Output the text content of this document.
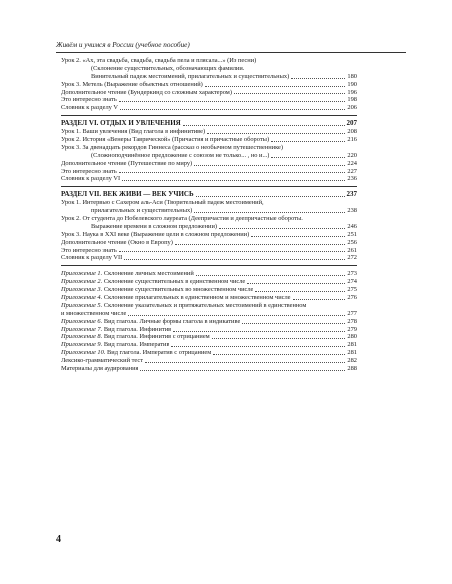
Живём и учимся в России (учебное пособие)
Урок 2. «Ах, эта свадьба, свадьба, свадьба пела и плясала...» (Из песни)
(Склонение существительных, обозначающих фамилии.
Винительный падеж местоимений, прилагательных и существительных)	180
Урок 3. Метель (Выражение объектных отношений)	190
Дополнительное чтение (Бундеркинд со сложным характером)	196
Это интересно знать	198
Словник к разделу V	206
РАЗДЕЛ VI. ОТДЫХ И УВЛЕЧЕНИЯ	207
Урок 1. Ваши увлечения (Вид глагола в инфинитиве)	208
Урок 2. История «Венеры Таврической» (Причастия и причастные обороты)	216
Урок 3. За двенадцать рекордов Гиннеса (рассказ о необычном путешественнике)
(Сложноподчинённое предложение с союзом не только... , но и...)	220
Дополнительное чтение (Путешествие по миру)	224
Это интересно знать	227
Словник к разделу VI	236
РАЗДЕЛ VII. ВЕК ЖИВИ — ВЕК УЧИСЬ	237
Урок 1. Интервью с Сахером аль-Аси (Творительный падеж местоимений,
прилагательных и существительных)	238
Урок 2. От студента до Нобелевского лауреата (Деепричастия и деепричастные обороты.
Выражение времени в сложном предложении)	246
Урок 3. Наука в XXI веке (Выражение цели в сложном предложении)	251
Дополнительное чтение (Окно в Европу)	256
Это интересно знать	261
Словник к разделу VII	272
Приложение 1. Склонение личных местоимений	273
Приложение 2. Склонение существительных в единственном числе	274
Приложение 3. Склонение существительных во множественном числе	275
Приложение 4. Склонение прилагательных в единственном и множественном числе	276
Приложение 5. Склонение указательных и притяжательных местоимений в единственном
и множественном числе	277
Приложение 6. Вид глагола. Личные формы глагола в индикативе	278
Приложение 7. Вид глагола. Инфинитив	279
Приложение 8. Вид глагола. Инфинитив с отрицанием	280
Приложение 9. Вид глагола. Императив	281
Приложение 10. Вид глагола. Императив с отрицанием	281
Лексико-грамматический тест	282
Материалы для аудирования	288
4
